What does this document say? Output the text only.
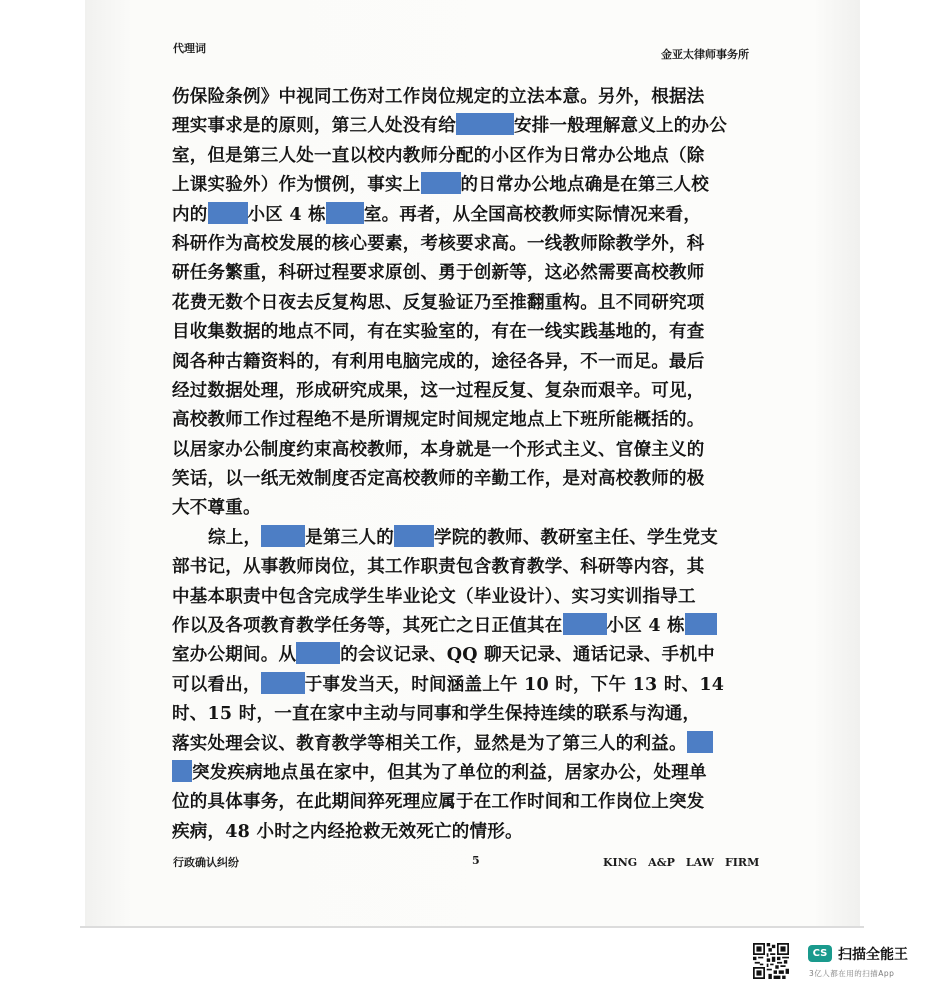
代理词	金亚太律师事务所
伤保险条例》中视同工伤对工作岗位规定的立法本意。另外，根据法
理实事求是的原则，第三人处没有给	安排一般理解意义上的办公
室，但是第三人处一直以校内教师分配的小区作为日常办公地点（除
上课实验外）作为惯例，事实上 的日常办公地点确是在第三人校
内的 小区 4 栋 室。再者，从全国高校教师实际情况来看，
科研作为高校发展的核心要素，考核要求高。一线教师除教学外，科
研任务繁重，科研过程要求原创、勇于创新等，这必然需要高校教师
花费无数个日夜去反复构思、反复验证乃至推翻重构。且不同研究项
目收集数据的地点不同，有在实验室的，有在一线实践基地的，有查
阅各种古籍资料的，有利用电脑完成的，途径各异，不一而足。最后
经过数据处理，形成研究成果，这一过程反复、复杂而艰辛。可见，
高校教师工作过程绝不是所谓规定时间规定地点上下班所能概括的。
以居家办公制度约束高校教师，本身就是一个形式主义、官僚主义的
笑话，以一纸无效制度否定高校教师的辛勤工作，是对高校教师的极
大不尊重。
综上，	是第三人的 学院的教师、教研室主任、学生党支
部书记，从事教师岗位，其工作职责包含教育教学、科研等内容，其
中基本职责中包含完成学生毕业论文（毕业设计）、实习实训指导工
作以及各项教育教学任务等，其死亡之日正值其在	小区 4 栋
室办公期间。从	的会议记录、QQ 聊天记录、通话记录、手机中
可以看出，	于事发当天，时间涵盖上午 10 时，下午 13 时、14
时、15 时，一直在家中主动与同事和学生保持连续的联系与沟通，
落实处理会议、教育教学等相关工作，显然是为了第三人的利益。
突发疾病地点虽在家中，但其为了单位的利益，居家办公，处理单
位的具体事务，在此期间猝死理应属于在工作时间和工作岗位上突发
疾病，48 小时之内经抢救无效死亡的情形。
行政确认纠纷	5	KING　A&P　LAW　FIRM
CS 扫描全能王
3亿人都在用的扫描App
